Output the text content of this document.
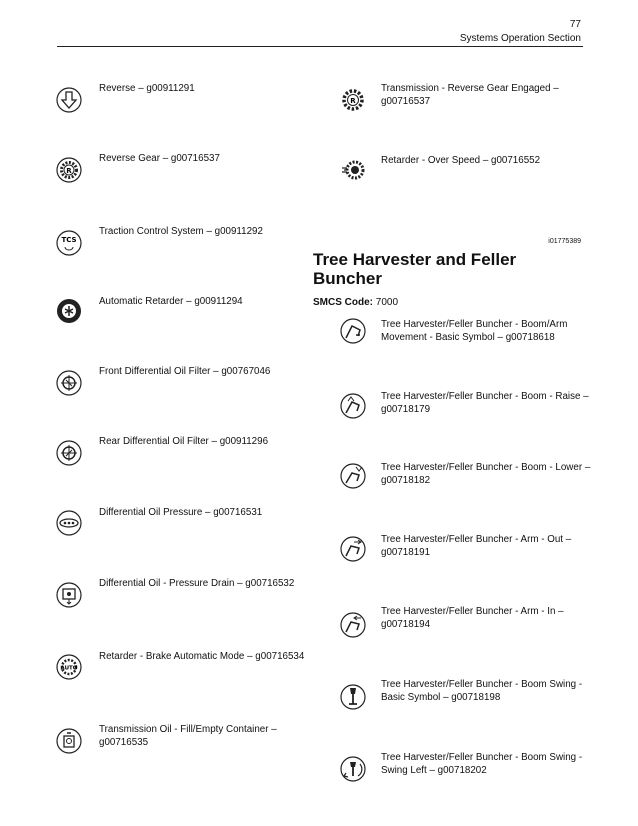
77
Systems Operation Section
Reverse – g00911291
R
Reverse Gear – g00716537
TCS
Traction Control System – g00911292
Automatic Retarder – g00911294
Front Differential Oil Filter – g00767046
Rear Differential Oil Filter – g00911296
Differential Oil Pressure – g00716531
Differential Oil - Pressure Drain – g00716532
AUTO
Retarder - Brake Automatic Mode – g00716534
Transmission Oil - Fill/Empty Container – g00716535
R
Transmission - Reverse Gear Engaged – g00716537
Retarder - Over Speed – g00716552
i01775389
Tree Harvester and Feller Buncher
SMCS Code: 7000
Tree Harvester/Feller Buncher - Boom/Arm Movement - Basic Symbol – g00718618
Tree Harvester/Feller Buncher - Boom - Raise – g00718179
Tree Harvester/Feller Buncher - Boom - Lower – g00718182
Tree Harvester/Feller Buncher - Arm - Out – g00718191
Tree Harvester/Feller Buncher - Arm - In – g00718194
Tree Harvester/Feller Buncher - Boom Swing - Basic Symbol – g00718198
Tree Harvester/Feller Buncher - Boom Swing - Swing Left – g00718202
